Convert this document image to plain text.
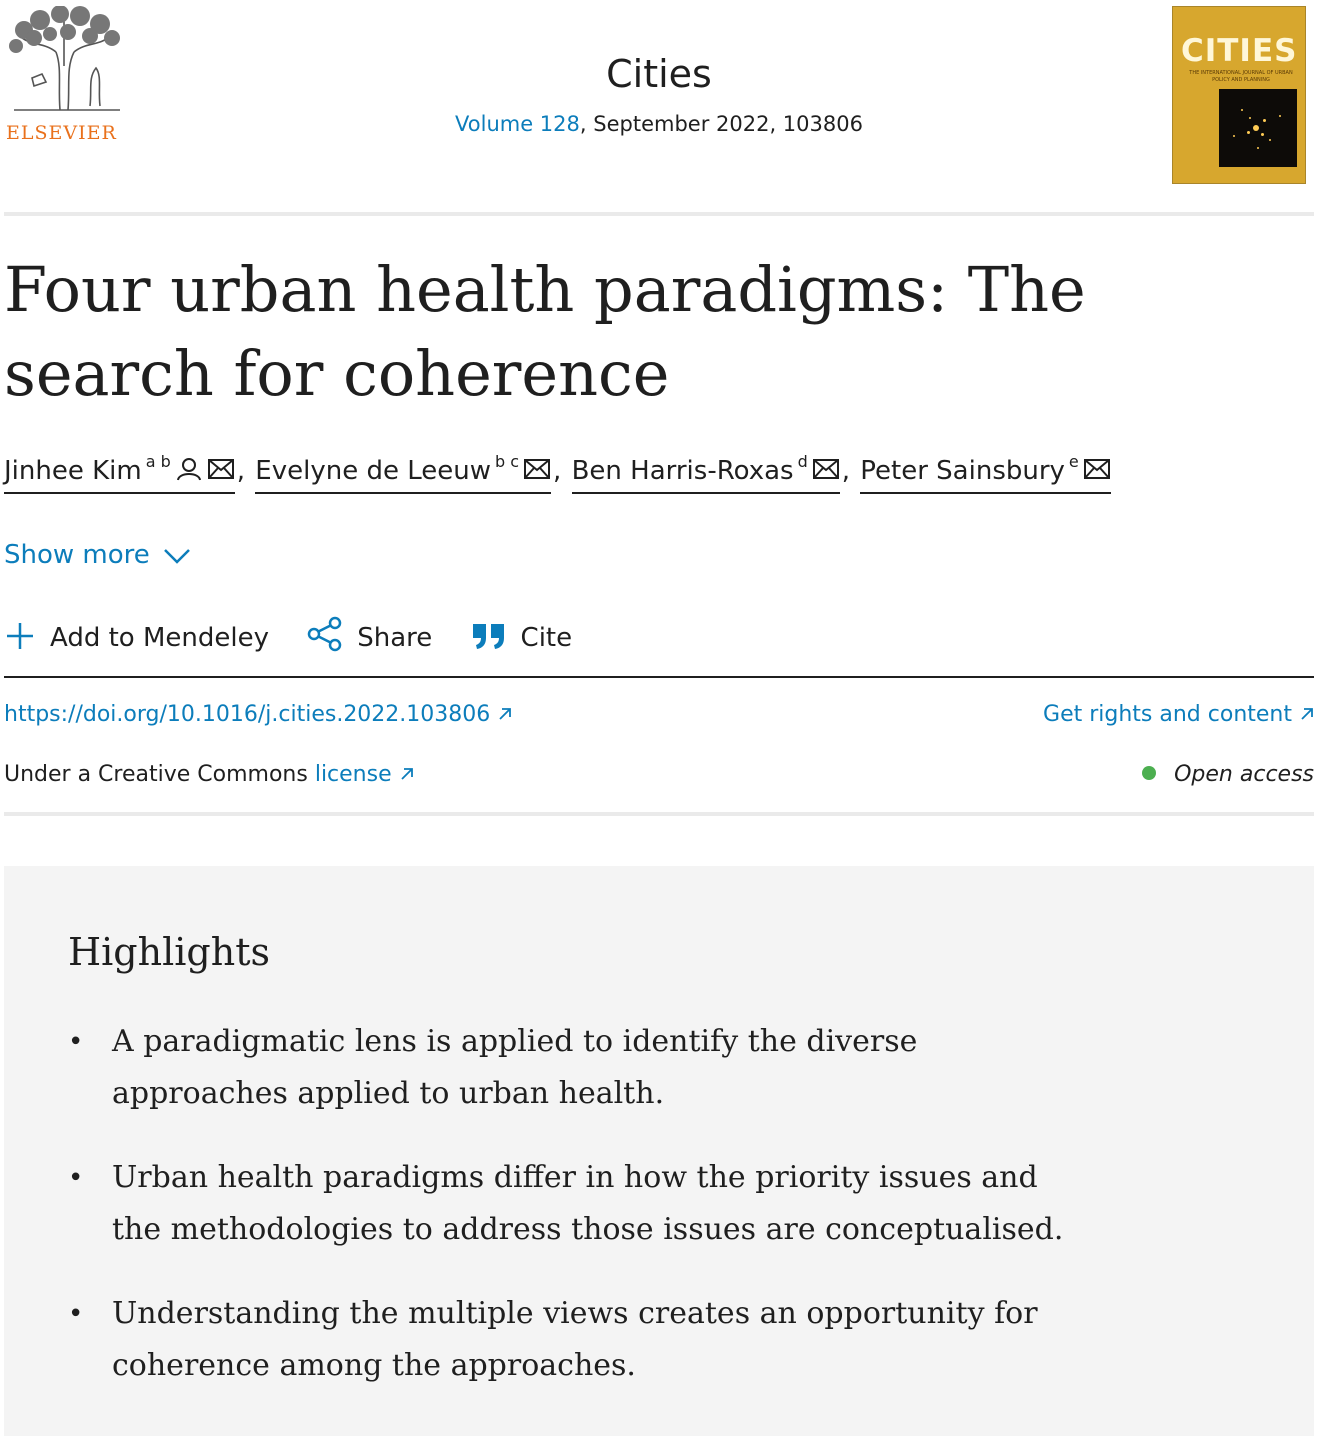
ELSEVIER
Cities
Volume 128, September 2022, 103806
CITIES
THE INTERNATIONAL JOURNAL OF URBAN POLICY AND PLANNING
Four urban health paradigms: The search for coherence
Jinhee Kim $^{a b}$	, Evelyne de Leeuw $^{b c}$ , Ben Harris-Roxas $^d$ , Peter Sainsbury $^e$
Show more
Add to Mendeley	Share	Cite
https://doi.org/10.1016/j.cities.2022.103806	Get rights and content
Under a Creative Commons license	Open access
Highlights
• A paradigmatic lens is applied to identify the diverse approaches applied to urban health.
• Urban health paradigms differ in how the priority issues and the methodologies to address those issues are conceptualised.
• Understanding the multiple views creates an opportunity for coherence among the approaches.
